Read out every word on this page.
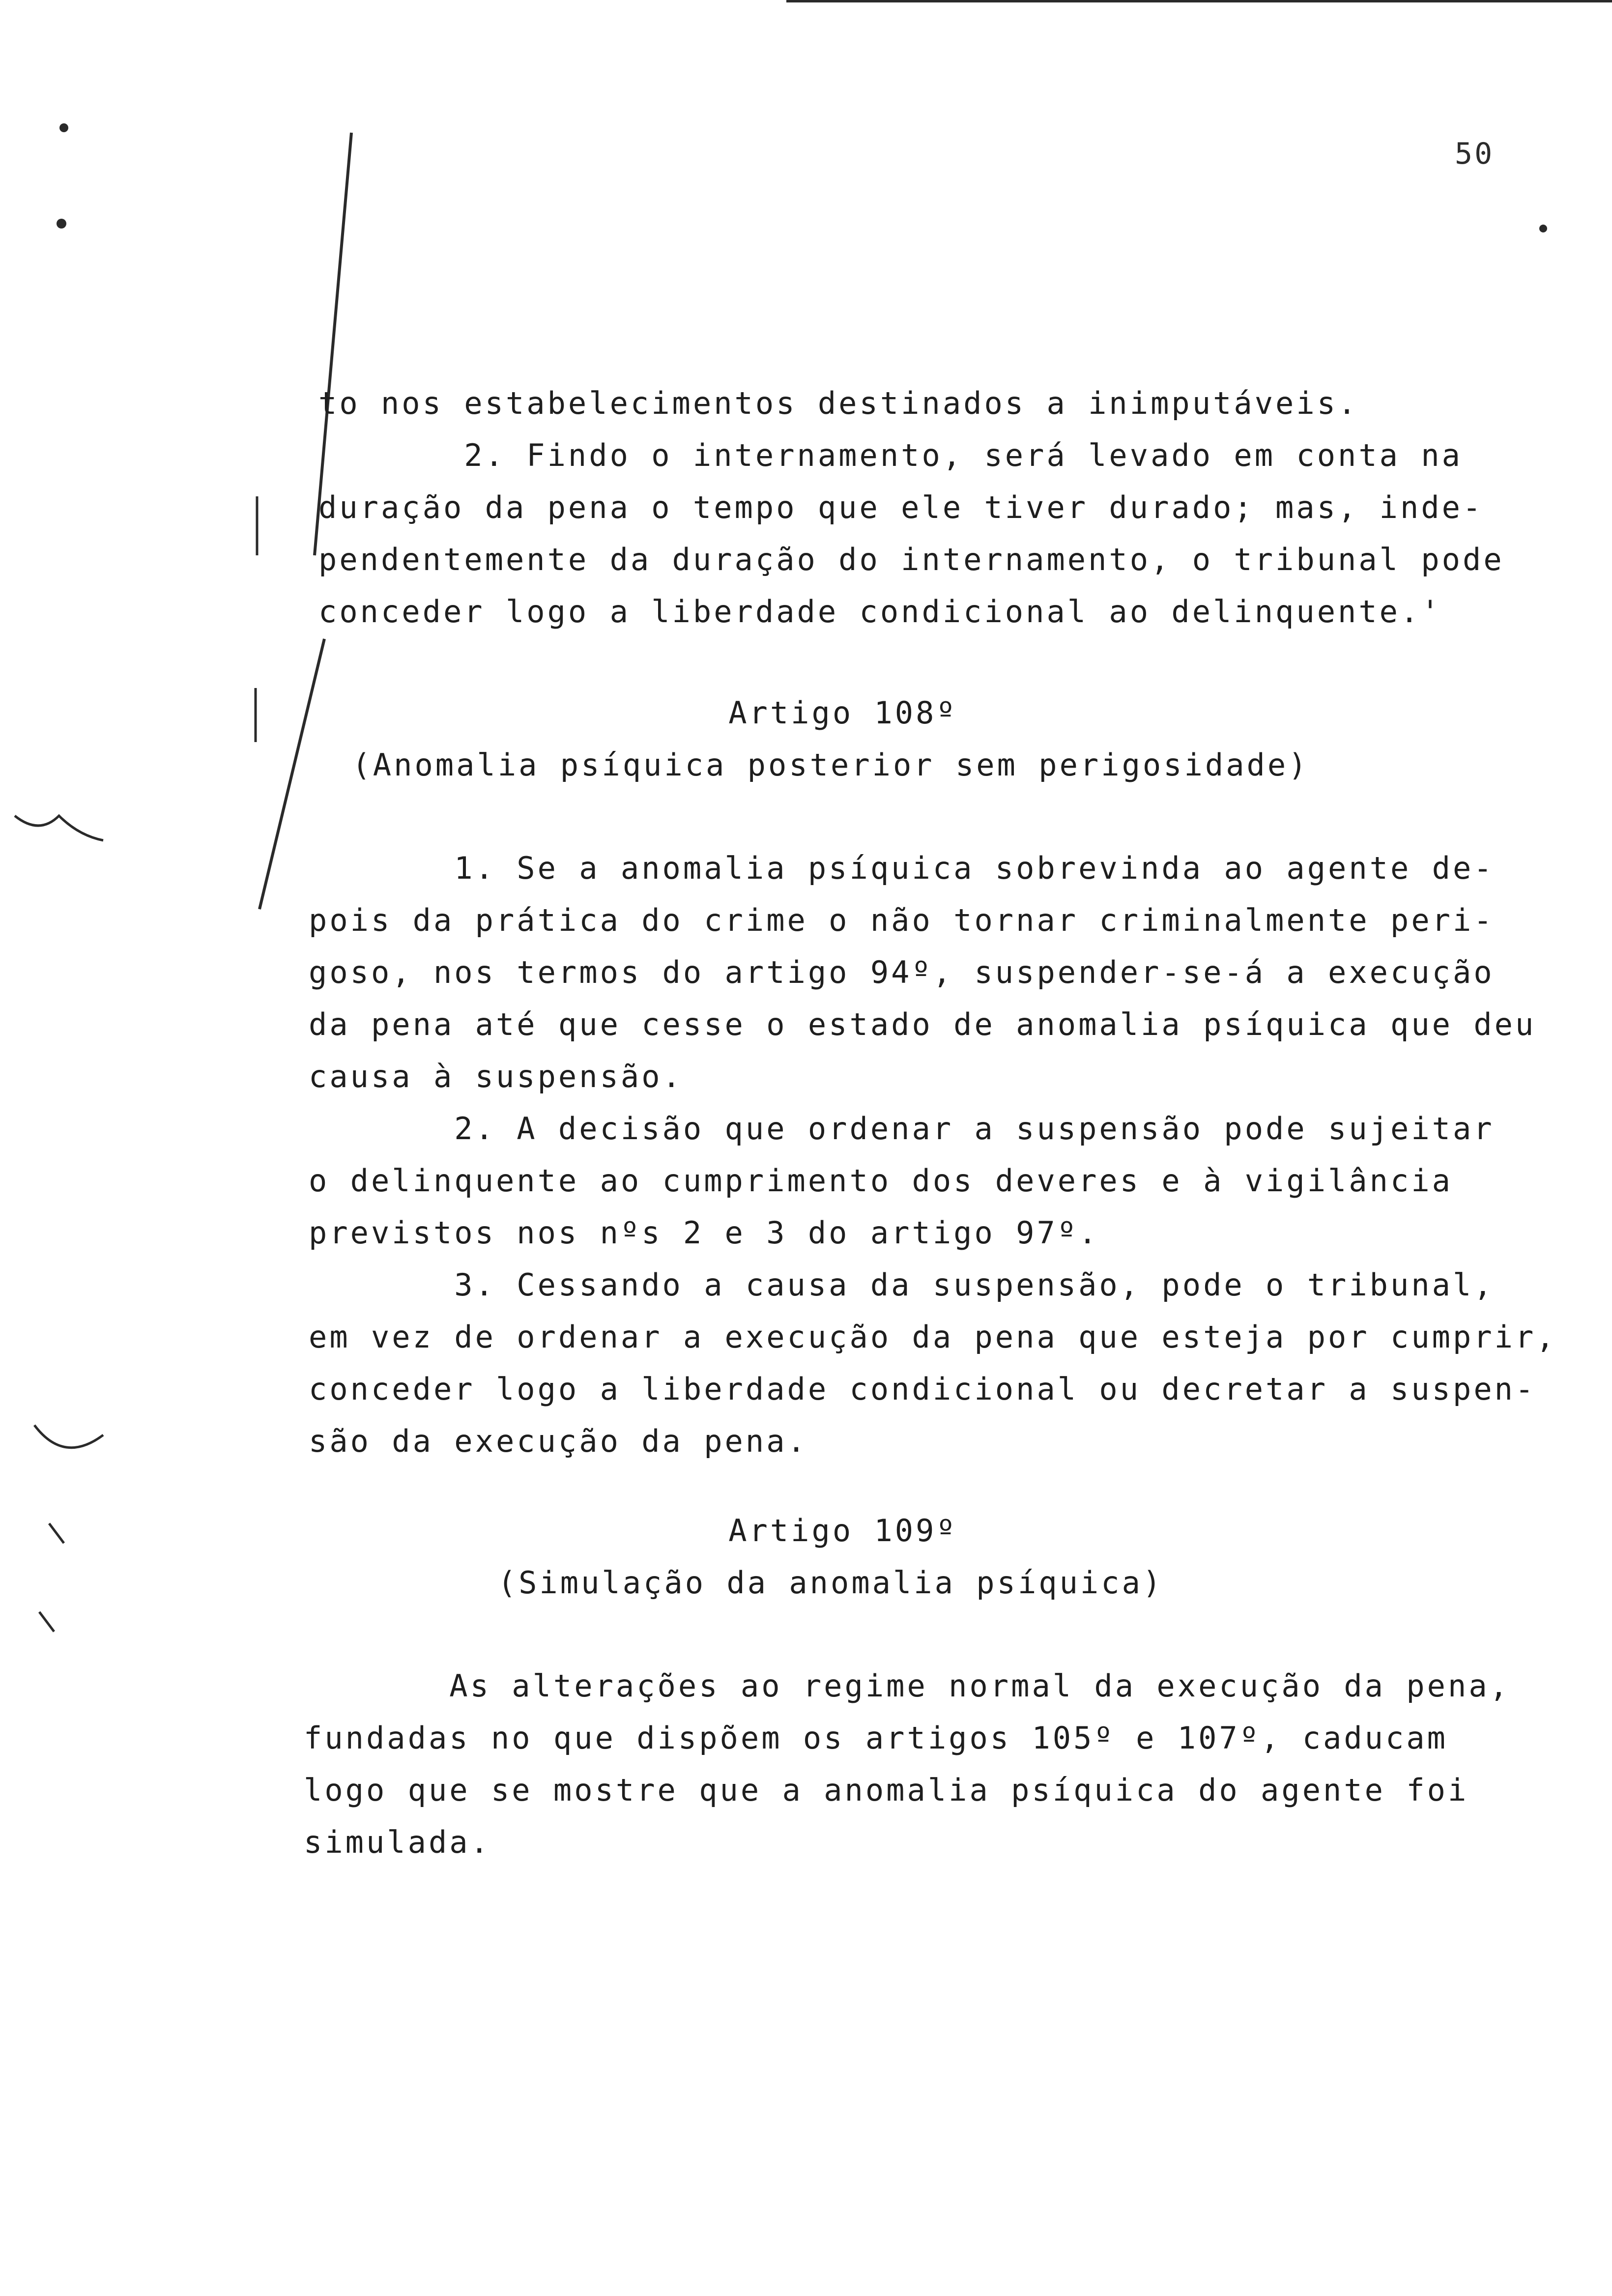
50
to nos estabelecimentos destinados a inimputáveis.
2. Findo o internamento, será levado em conta na
duração da pena o tempo que ele tiver durado; mas, inde-
pendentemente da duração do internamento, o tribunal pode
conceder logo a liberdade condicional ao delinquente.'
Artigo 108º
(Anomalia psíquica posterior sem perigosidade)
1. Se a anomalia psíquica sobrevinda ao agente de-
pois da prática do crime o não tornar criminalmente peri-
goso, nos termos do artigo 94º, suspender-se-á a execução
da pena até que cesse o estado de anomalia psíquica que deu
causa à suspensão.
2. A decisão que ordenar a suspensão pode sujeitar
o delinquente ao cumprimento dos deveres e à vigilância
previstos nos nºs 2 e 3 do artigo 97º.
3. Cessando a causa da suspensão, pode o tribunal,
em vez de ordenar a execução da pena que esteja por cumprir,
conceder logo a liberdade condicional ou decretar a suspen-
são da execução da pena.
Artigo 109º
(Simulação da anomalia psíquica)
As alterações ao regime normal da execução da pena,
fundadas no que dispõem os artigos 105º e 107º, caducam
logo que se mostre que a anomalia psíquica do agente foi
simulada.
